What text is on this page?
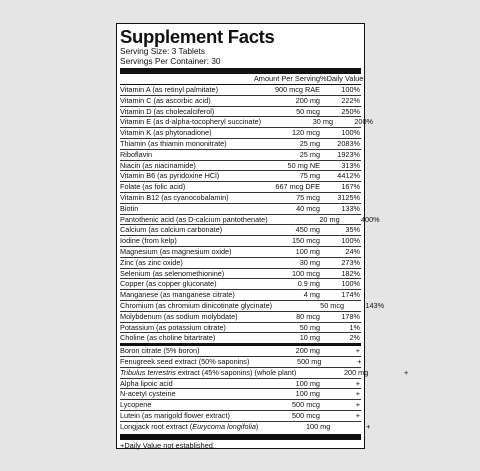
Supplement Facts
Serving Size: 3 Tablets
Servings Per Container: 30
Amount Per Serving %Daily Value
Vitamin A (as retinyl palmitate)	900 mcg RAE	100%
Vitamin C (as ascorbic acid)	200 mg	222%
Vitamin D (as cholecalciferol)	50 mcg	250%
Vitamin E (as d-alpha-tocopheryl succinate)	30 mg	200%
Vitamin K (as phytonadione)	120 mcg	100%
Thiamin (as thiamin mononitrate)	25 mg	2083%
Riboflavin	25 mg	1923%
Niacin (as niacinamide)	50 mg NE	313%
Vitamin B6 (as pyridoxine HCl)	75 mg	4412%
Folate (as folic acid)	667 mcg DFE	167%
Vitamin B12 (as cyanocobalamin)	75 mcg	3125%
Biotin	40 mcg	133%
Pantothenic acid (as D-calcium pantothenate)	20 mg	400%
Calcium (as calcium carbonate)	450 mg	35%
Iodine (from kelp)	150 mcg	100%
Magnesium (as magnesium oxide)	100 mg	24%
Zinc (as zinc oxide)	30 mg	273%
Selenium (as selenomethionine)	100 mcg	182%
Copper (as copper gluconate)	0.9 mg	100%
Manganese (as manganese citrate)	4 mg	174%
Chromium (as chromium dinicotinate glycinate)	50 mcg	143%
Molybdenum (as sodium molybdate)	80 mcg	178%
Potassium (as potassium citrate)	50 mg	1%
Choline (as choline bitartrate)	10 mg	2%
Boron citrate (5% boron)	200 mg	+
Fenugreek seed extract (50% saponins)	500 mg	+
Tribulus terrestris extract (45% saponins) (whole plant)	200 mg	+
Alpha lipoic acid	100 mg	+
N-acetyl cysteine	100 mg	+
Lycopene	500 mcg	+
Lutein (as marigold flower extract)	500 mcg	+
Longjack root extract (Eurycoma longifolia)	100 mg	+
+Daily Value not established.
